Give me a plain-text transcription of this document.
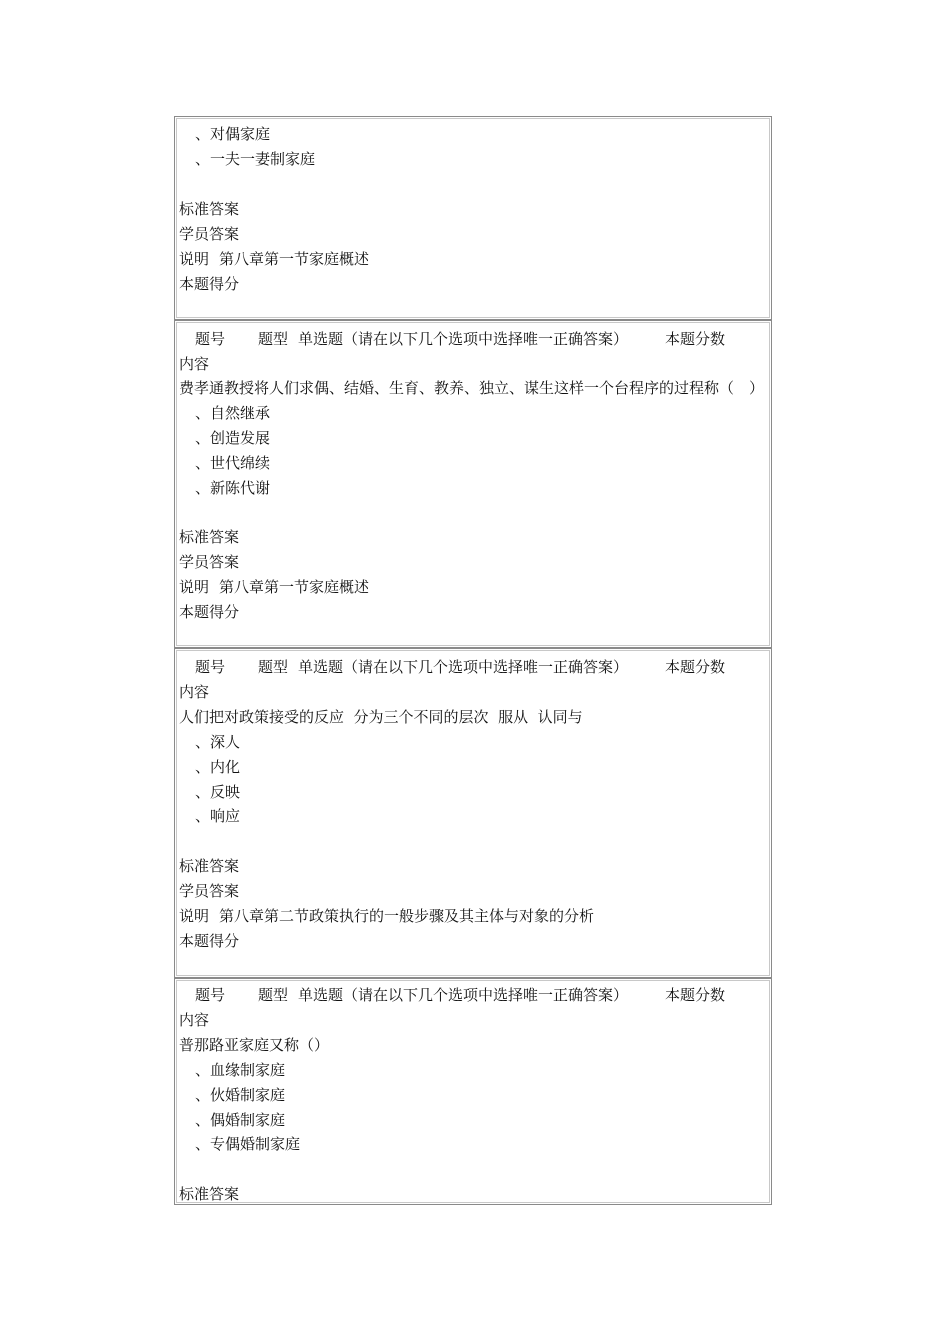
、对偶家庭
、一夫一妻制家庭
标准答案
学员答案
说明 第八章第一节家庭概述
本题得分
题号 题型 单选题（请在以下几个选项中选择唯一正确答案） 本题分数
内容
费孝通教授将人们求偶、结婚、生育、教养、独立、谋生这样一个台程序的过程称（　）
、自然继承
、创造发展
、世代绵续
、新陈代谢
标准答案
学员答案
说明 第八章第一节家庭概述
本题得分
题号 题型 单选题（请在以下几个选项中选择唯一正确答案） 本题分数
内容
人们把对政策接受的反应  分为三个不同的层次  服从  认同与
、深人
、内化
、反映
、响应
标准答案
学员答案
说明 第八章第二节政策执行的一般步骤及其主体与对象的分析
本题得分
题号 题型 单选题（请在以下几个选项中选择唯一正确答案） 本题分数
内容
普那路亚家庭又称（）
、血缘制家庭
、伙婚制家庭
、偶婚制家庭
、专偶婚制家庭
标准答案
